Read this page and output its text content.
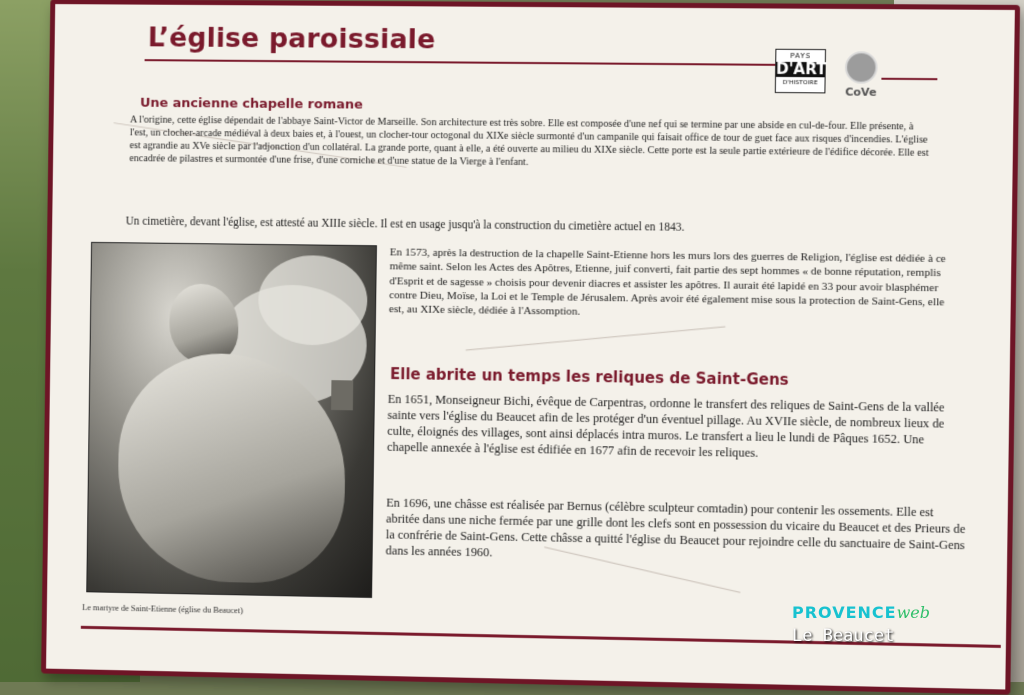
L’église paroissiale
PAYS
D'ART
D'HISTOIRE
CoVe
Une ancienne chapelle romane
A l'origine, cette église dépendait de l'abbaye Saint-Victor de Marseille. Son architecture est très sobre. Elle est composée d'une nef qui se termine par une abside en cul-de-four. Elle présente, à l'est, un clocher-arcade médiéval à deux baies et, à l'ouest, un clocher-tour octogonal du XIXe siècle surmonté d'un campanile qui faisait office de tour de guet face aux risques d'incendies. L'église est agrandie au XVe siècle par l'adjonction d'un collatéral. La grande porte, quant à elle, a été ouverte au milieu du XIXe siècle. Cette porte est la seule partie extérieure de l'édifice décorée. Elle est encadrée de pilastres et surmontée d'une frise, d'une corniche et d'une statue de la Vierge à l'enfant.
Un cimetière, devant l'église, est attesté au XIIIe siècle. Il est en usage jusqu'à la construction du cimetière actuel en 1843.
Le martyre de Saint-Etienne (église du Beaucet)
En 1573, après la destruction de la chapelle Saint-Etienne hors les murs lors des guerres de Religion, l'église est dédiée à ce même saint. Selon les Actes des Apôtres, Etienne, juif converti, fait partie des sept hommes « de bonne réputation, remplis d'Esprit et de sagesse » choisis pour devenir diacres et assister les apôtres. Il aurait été lapidé en 33 pour avoir blasphémer contre Dieu, Moïse, la Loi et le Temple de Jérusalem. Après avoir été également mise sous la protection de Saint-Gens, elle est, au XIXe siècle, dédiée à l'Assomption.
Elle abrite un temps les reliques de Saint-Gens
En 1651, Monseigneur Bichi, évêque de Carpentras, ordonne le transfert des reliques de Saint-Gens de la vallée sainte vers l'église du Beaucet afin de les protéger d'un éventuel pillage. Au XVIIe siècle, de nombreux lieux de culte, éloignés des villages, sont ainsi déplacés intra muros. Le transfert a lieu le lundi de Pâques 1652. Une chapelle annexée à l'église est édifiée en 1677 afin de recevoir les reliques.
En 1696, une châsse est réalisée par Bernus (célèbre sculpteur comtadin) pour contenir les ossements. Elle est abritée dans une niche fermée par une grille dont les clefs sont en possession du vicaire du Beaucet et des Prieurs de la confrérie de Saint-Gens. Cette châsse a quitté l'église du Beaucet pour rejoindre celle du sanctuaire de Saint-Gens dans les années 1960.
PROVENCEweb
Le Beaucet
